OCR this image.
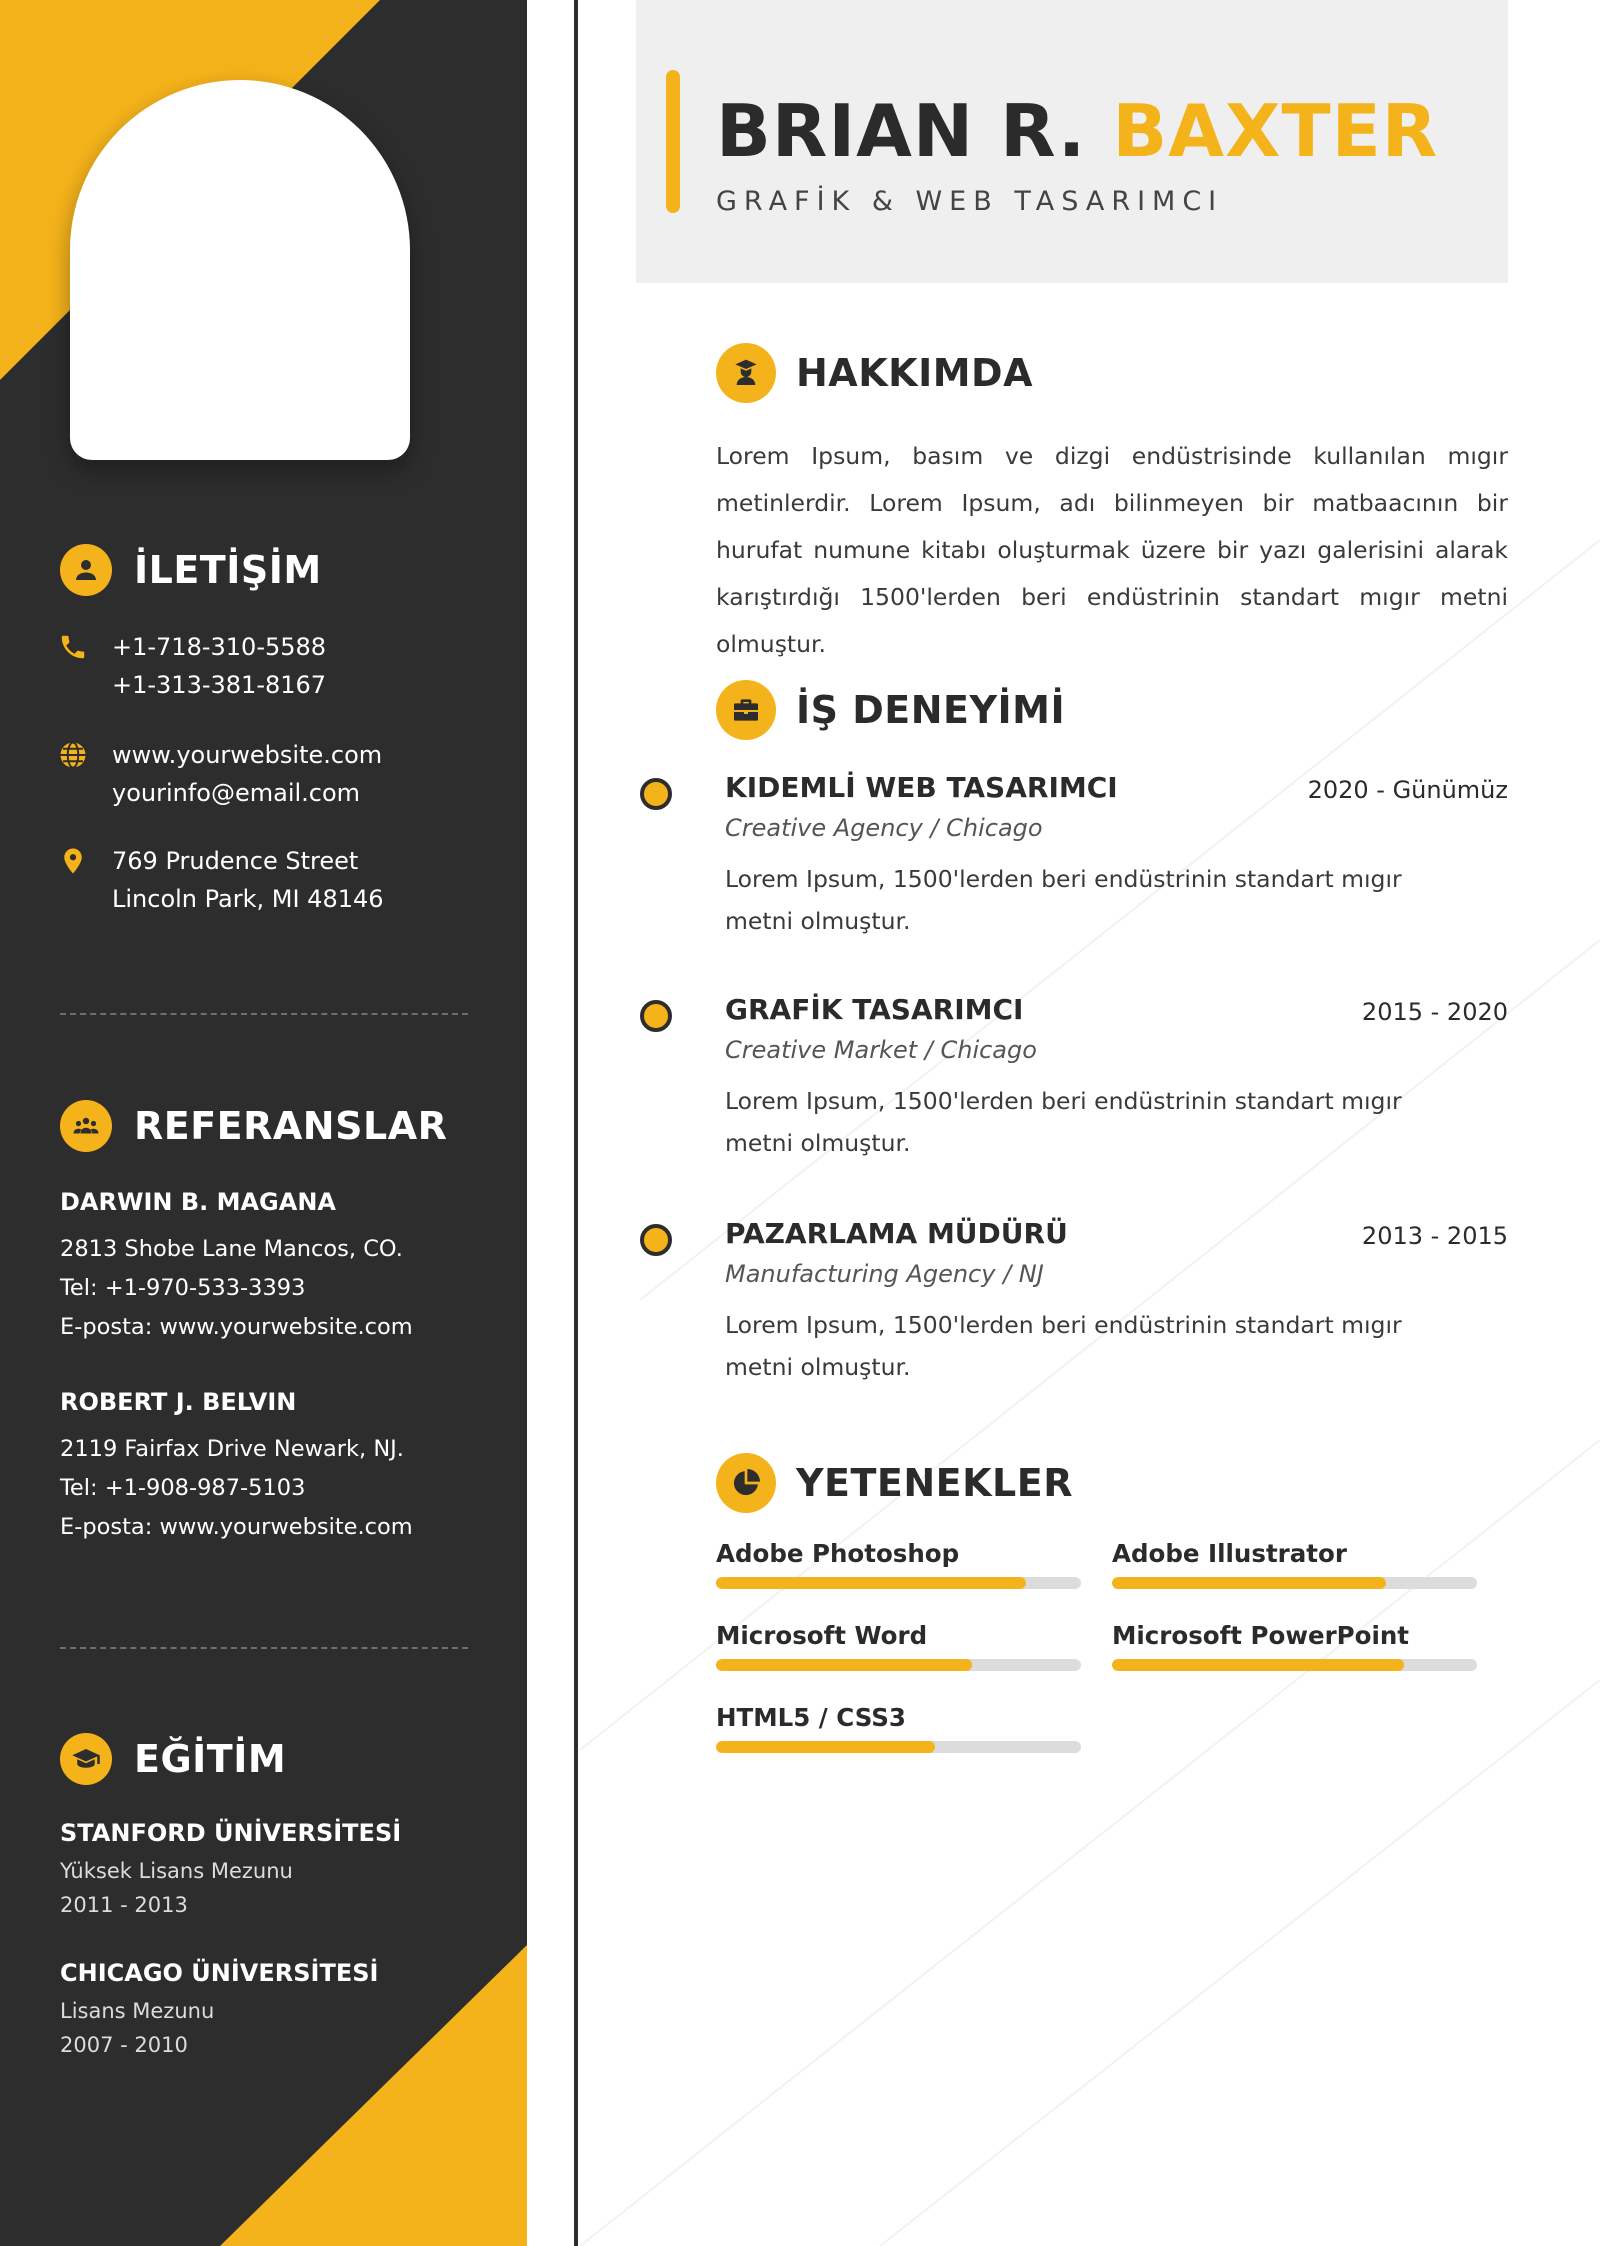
İLETİŞİM
+1-718-310-5588
+1-313-381-8167
www.yourwebsite.com
yourinfo@email.com
769 Prudence Street
Lincoln Park, MI 48146
REFERANSLAR
DARWIN B. MAGANA
2813 Shobe Lane Mancos, CO.
Tel: +1-970-533-3393
E-posta: www.yourwebsite.com
ROBERT J. BELVIN
2119 Fairfax Drive Newark, NJ.
Tel: +1-908-987-5103
E-posta: www.yourwebsite.com
EĞİTİM
STANFORD ÜNİVERSİTESİ
Yüksek Lisans Mezunu
2011 - 2013
CHICAGO ÜNİVERSİTESİ
Lisans Mezunu
2007 - 2010
BRIAN R. BAXTER
GRAFİK & WEB TASARIMCI
HAKKIMDA
Lorem Ipsum, basım ve dizgi endüstrisinde kullanılan mıgır metinlerdir. Lorem Ipsum, adı bilinmeyen bir matbaacının bir hurufat numune kitabı oluşturmak üzere bir yazı galerisini alarak karıştırdığı 1500'lerden beri endüstrinin standart mıgır metni olmuştur.
İŞ DENEYİMİ
KIDEMLİ WEB TASARIMCI	2020 - Günümüz
Creative Agency / Chicago
Lorem Ipsum, 1500'lerden beri endüstrinin standart mıgır metni olmuştur.
GRAFİK TASARIMCI	2015 - 2020
Creative Market / Chicago
Lorem Ipsum, 1500'lerden beri endüstrinin standart mıgır metni olmuştur.
PAZARLAMA MÜDÜRÜ	2013 - 2015
Manufacturing Agency / NJ
Lorem Ipsum, 1500'lerden beri endüstrinin standart mıgır metni olmuştur.
YETENEKLER
Adobe Photoshop	Adobe Illustrator
Microsoft Word	Microsoft PowerPoint
HTML5 / CSS3
